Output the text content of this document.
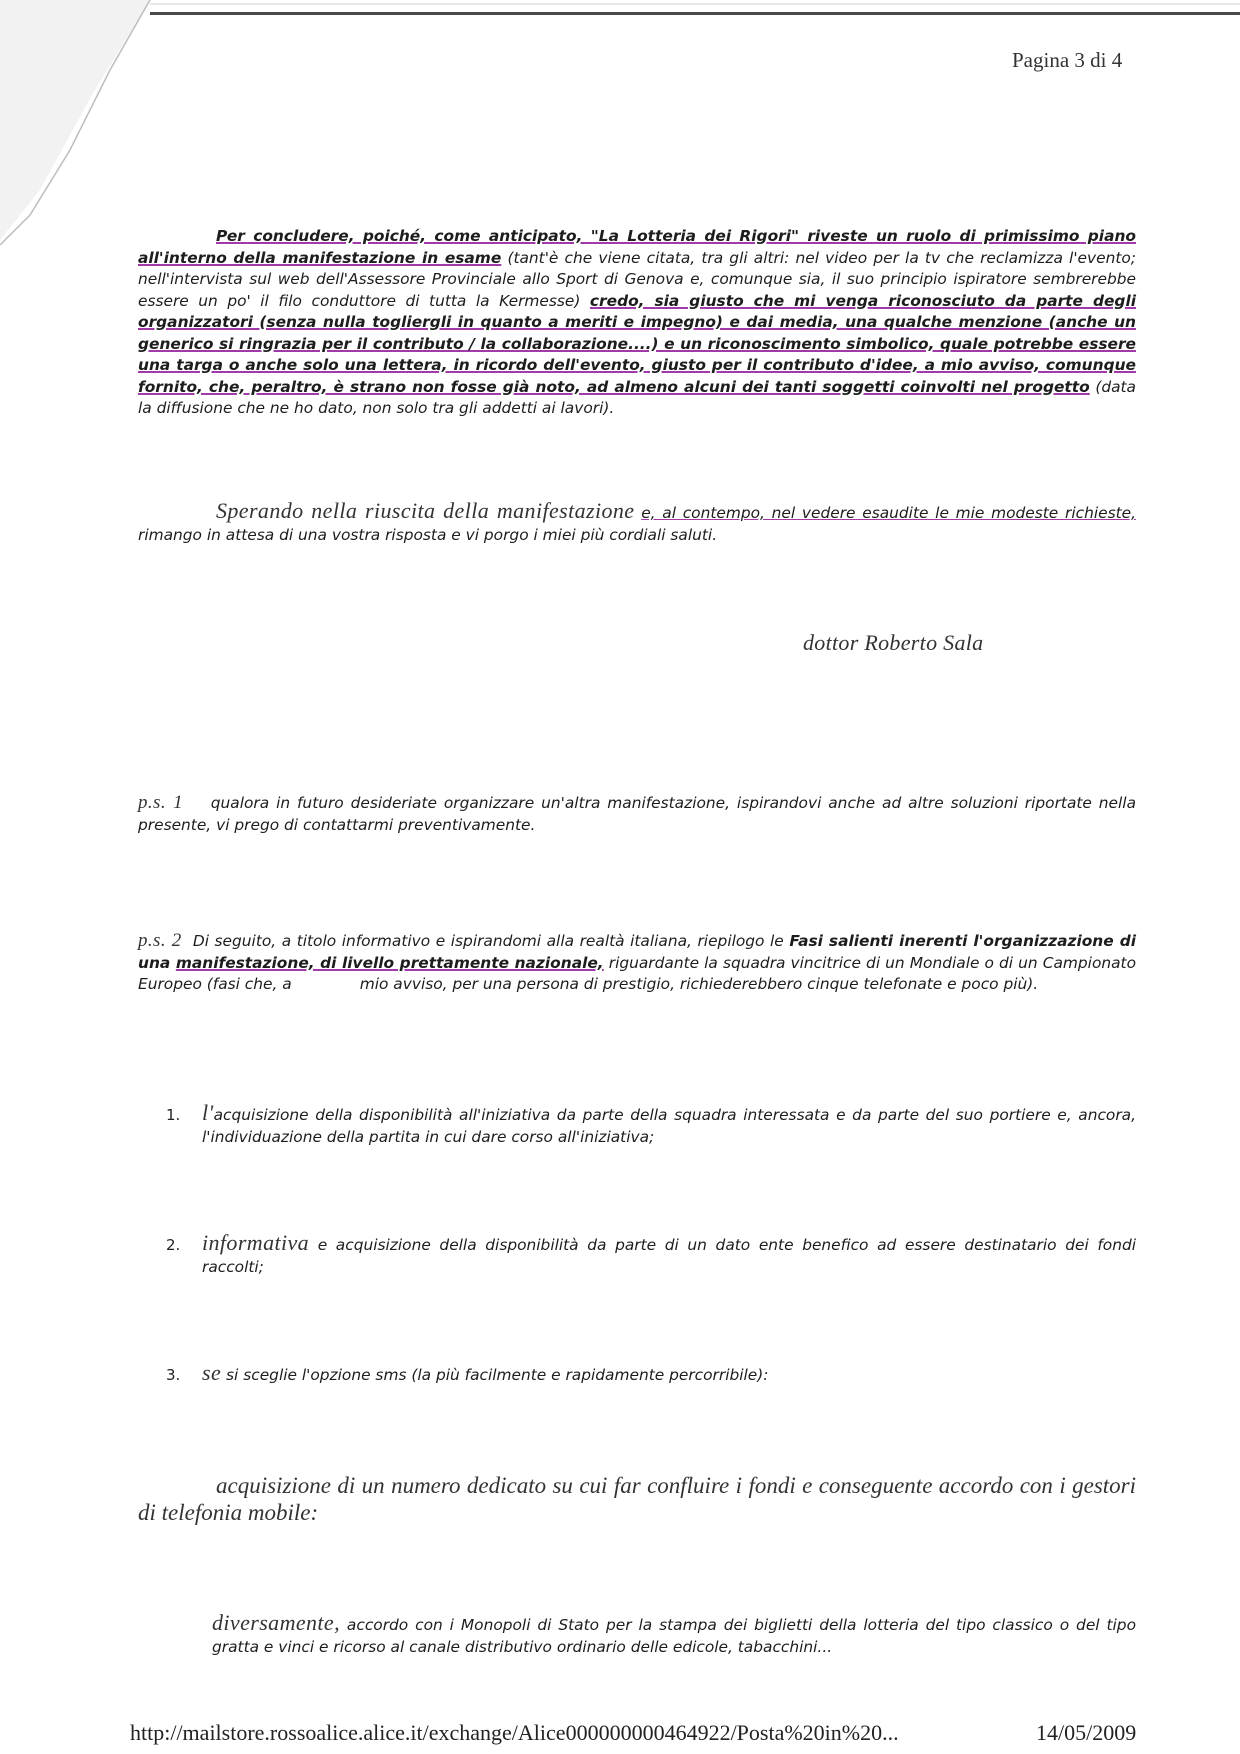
Pagina 3 di 4
Per concludere, poiché, come anticipato, "La Lotteria dei Rigori" riveste un ruolo di primissimo piano all'interno della manifestazione in esame (tant'è che viene citata, tra gli altri: nel video per la tv che reclamizza l'evento; nell'intervista sul web dell'Assessore Provinciale allo Sport di Genova e, comunque sia, il suo principio ispiratore sembrerebbe essere un po' il filo conduttore di tutta la Kermesse) credo, sia giusto che mi venga riconosciuto da parte degli organizzatori (senza nulla togliergli in quanto a meriti e impegno) e dai media, una qualche menzione (anche un generico si ringrazia per il contributo / la collaborazione....) e un riconoscimento simbolico, quale potrebbe essere una targa o anche solo una lettera, in ricordo dell'evento, giusto per il contributo d'idee, a mio avviso, comunque fornito, che, peraltro, è strano non fosse già noto, ad almeno alcuni dei tanti soggetti coinvolti nel progetto (data la diffusione che ne ho dato, non solo tra gli addetti ai lavori).
Sperando nella riuscita della manifestazione e, al contempo, nel vedere esaudite le mie modeste richieste, rimango in attesa di una vostra risposta e vi porgo i miei più cordiali saluti.
dottor Roberto Sala
p.s. 1 qualora in futuro desideriate organizzare un'altra manifestazione, ispirandovi anche ad altre soluzioni riportate nella presente, vi prego di contattarmi preventivamente.
p.s. 2 Di seguito, a titolo informativo e ispirandomi alla realtà italiana, riepilogo le Fasi salienti inerenti l'organizzazione di una manifestazione, di livello prettamente nazionale, riguardante la squadra vincitrice di un Mondiale o di un Campionato Europeo (fasi che, a	mio avviso, per una persona di prestigio, richiederebbero cinque telefonate e poco più).
1. l'acquisizione della disponibilità all'iniziativa da parte della squadra interessata e da parte del suo portiere e, ancora, l'individuazione della partita in cui dare corso all'iniziativa;
2. informativa e acquisizione della disponibilità da parte di un dato ente benefico ad essere destinatario dei fondi raccolti;
3. se si sceglie l'opzione sms (la più facilmente e rapidamente percorribile):
acquisizione di un numero dedicato su cui far confluire i fondi e conseguente accordo con i gestori di telefonia mobile:
diversamente, accordo con i Monopoli di Stato per la stampa dei biglietti della lotteria del tipo classico o del tipo gratta e vinci e ricorso al canale distributivo ordinario delle edicole, tabacchini...
http://mailstore.rossoalice.alice.it/exchange/Alice000000000464922/Posta%20in%20...	14/05/2009
